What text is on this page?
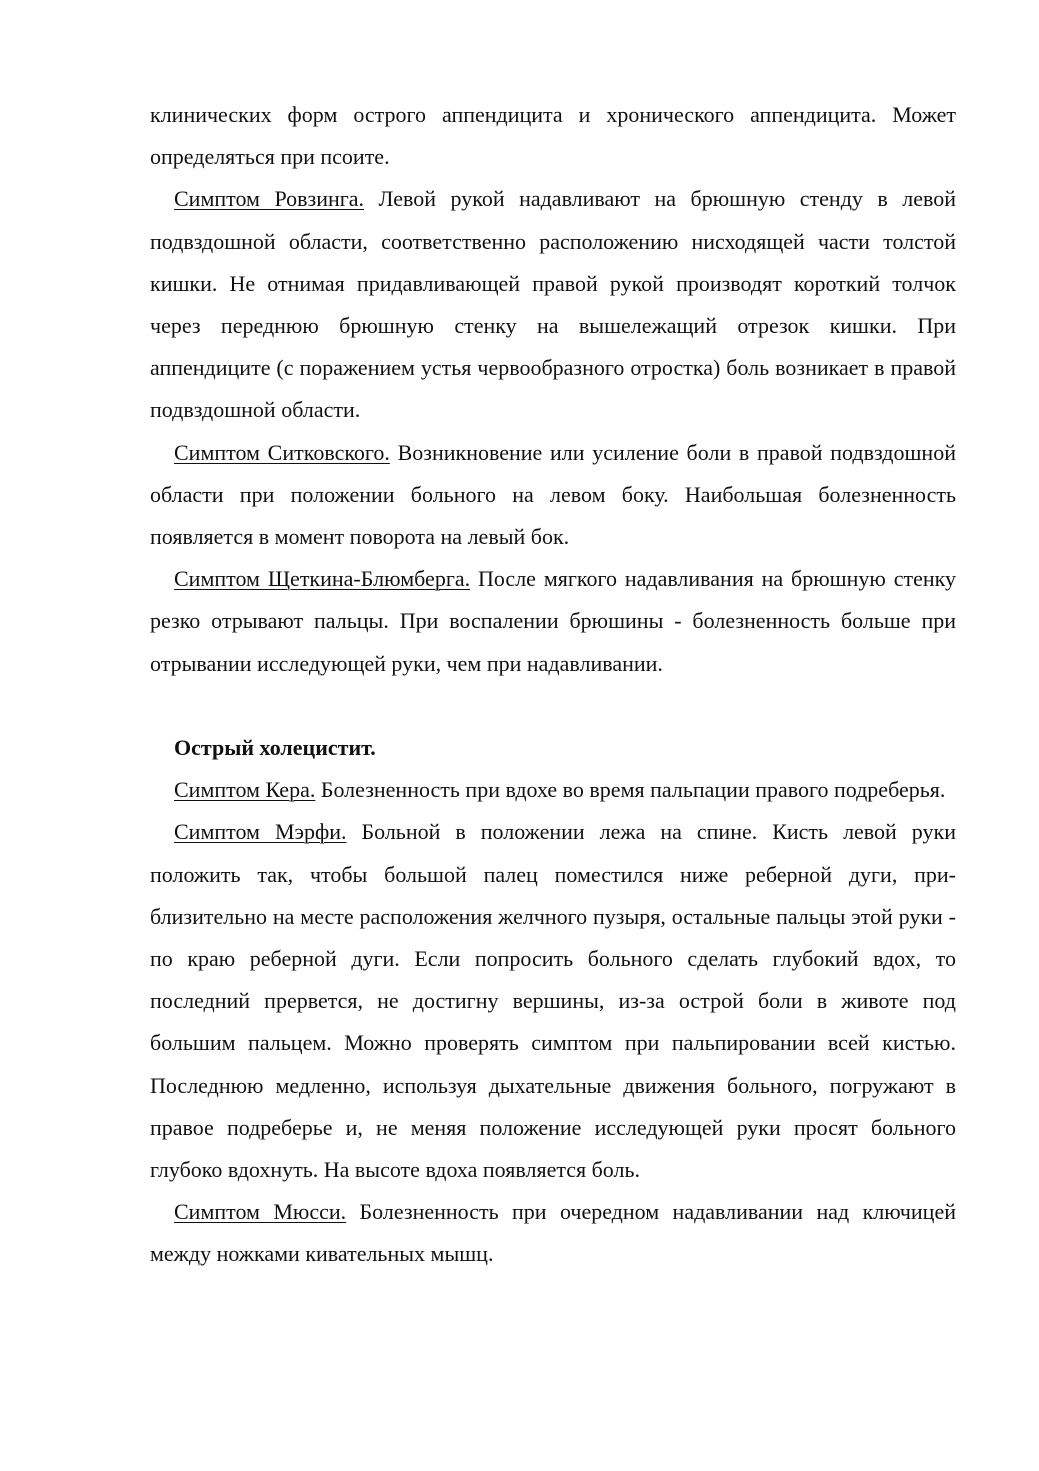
клинических форм острого аппендицита и хронического аппендицита. Может определяться при псоите.

Симптом Ровзинга. Левой рукой надавливают на брюшную стенду в левой подвздошной области, соответственно расположению нисходящей части толстой кишки. Не отнимая придавливающей правой рукой производят короткий толчок через переднюю брюшную стенку на вышележащий отрезок кишки. При аппендиците (с поражением устья червообразного отростка) боль возникает в правой подвздошной области.

Симптом Ситковского. Возникновение или усиление боли в правой подвздошной области при положении больного на левом боку. Наибольшая болезненность появляется в момент поворота на левый бок.

Симптом Щеткина-Блюмберга. После мягкого надавливания на брюшную стенку резко отрывают пальцы. При воспалении брюшины - болезненность больше при отрывании исследующей руки, чем при надавливании.

Острый холецистит.

Симптом Кера. Болезненность при вдохе во время пальпации правого подреберья.

Симптом Мэрфи. Больной в положении лежа на спине. Кисть левой руки положить так, чтобы большой палец поместился ниже реберной дуги, приблизительно на месте расположения желчного пузыря, остальные пальцы этой руки - по краю реберной дуги. Если попросить больного сделать глубокий вдох, то последний прервется, не достигну вершины, из-за острой боли в животе под большим пальцем. Можно проверять симптом при пальпировании всей кистью. Последнюю медленно, используя дыхательные движения больного, погружают в правое подреберье и, не меняя положение исследующей руки просят больного глубоко вдохнуть. На высоте вдоха появляется боль.

Симптом Мюсси. Болезненность при очередном надавливании над ключицей между ножками кивательных мышц.
